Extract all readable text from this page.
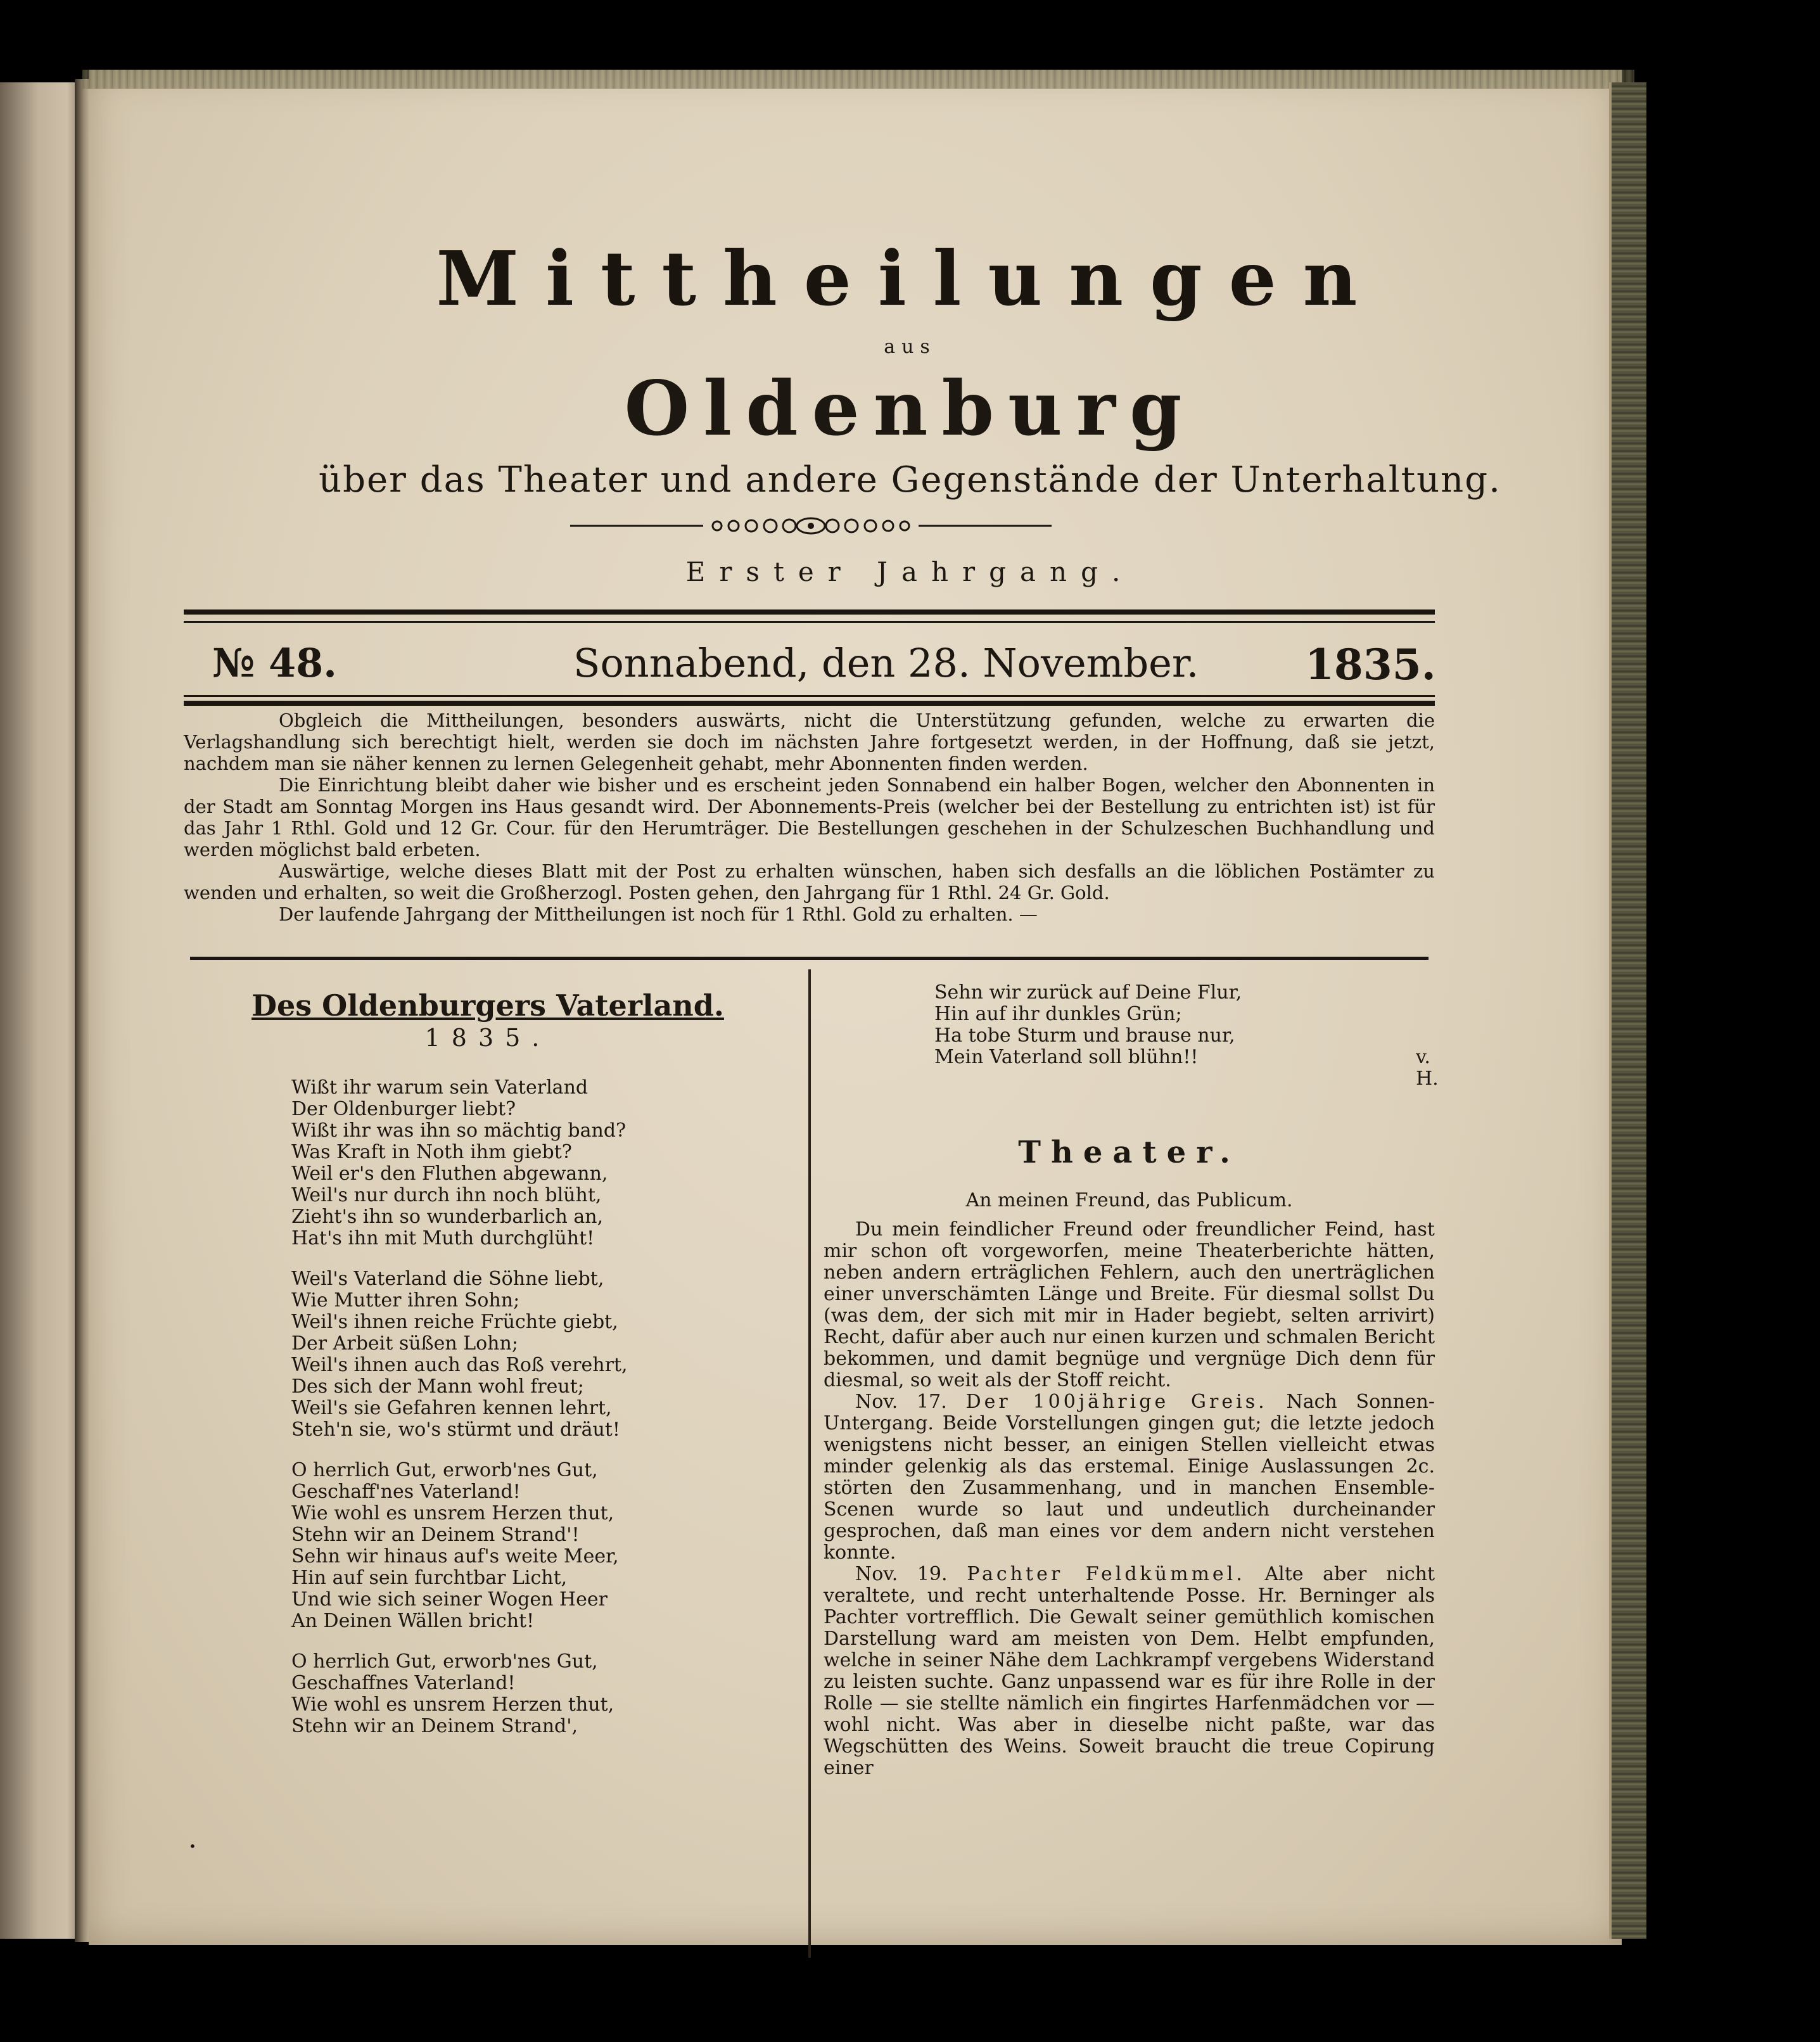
Mittheilungen
aus
Oldenburg
über das Theater und andere Gegenstände der Unterhaltung.
Erster Jahrgang.
№ 48.	Sonnabend, den 28. November.	1835.

Obgleich die Mittheilungen, besonders auswärts, nicht die Unterstützung gefunden, welche zu erwarten die Verlagshandlung sich berechtigt hielt, werden sie doch im nächsten Jahre fortgesetzt werden, in der Hoffnung, daß sie jetzt, nachdem man sie näher kennen zu lernen Gelegenheit gehabt, mehr Abonnenten finden werden.

Die Einrichtung bleibt daher wie bisher und es erscheint jeden Sonnabend ein halber Bogen, welcher den Abonnenten in der Stadt am Sonntag Morgen ins Haus gesandt wird. Der Abonnements-Preis (welcher bei der Bestellung zu entrichten ist) ist für das Jahr 1 Rthl. Gold und 12 Gr. Cour. für den Herumträger. Die Bestellungen geschehen in der Schulzeschen Buchhandlung und werden möglichst bald erbeten.

Auswärtige, welche dieses Blatt mit der Post zu erhalten wünschen, haben sich desfalls an die löblichen Postämter zu wenden und erhalten, so weit die Großherzogl. Posten gehen, den Jahrgang für 1 Rthl. 24 Gr. Gold.

Der laufende Jahrgang der Mittheilungen ist noch für 1 Rthl. Gold zu erhalten. —

Des Oldenburgers Vaterland.
1835.
Wißt ihr warum sein Vaterland
Der Oldenburger liebt?
Wißt ihr was ihn so mächtig band?
Was Kraft in Noth ihm giebt?
Weil er's den Fluthen abgewann,
Weil's nur durch ihn noch blüht,
Zieht's ihn so wunderbarlich an,
Hat's ihn mit Muth durchglüht!
Weil's Vaterland die Söhne liebt,
Wie Mutter ihren Sohn;
Weil's ihnen reiche Früchte giebt,
Der Arbeit süßen Lohn;
Weil's ihnen auch das Roß verehrt,
Des sich der Mann wohl freut;
Weil's sie Gefahren kennen lehrt,
Steh'n sie, wo's stürmt und dräut!
O herrlich Gut, erworb'nes Gut,
Geschaff'nes Vaterland!
Wie wohl es unsrem Herzen thut,
Stehn wir an Deinem Strand'!
Sehn wir hinaus auf's weite Meer,
Hin auf sein furchtbar Licht,
Und wie sich seiner Wogen Heer
An Deinen Wällen bricht!
O herrlich Gut, erworb'nes Gut,
Geschaffnes Vaterland!
Wie wohl es unsrem Herzen thut,
Stehn wir an Deinem Strand',
Sehn wir zurück auf Deine Flur,
Hin auf ihr dunkles Grün;
Ha tobe Sturm und brause nur,
Mein Vaterland soll blühn!!	v. H.
Theater.
An meinen Freund, das Publicum.

Du mein feindlicher Freund oder freundlicher Feind, hast mir schon oft vorgeworfen, meine Theaterberichte hätten, neben andern erträglichen Fehlern, auch den unerträglichen einer unverschämten Länge und Breite. Für diesmal sollst Du (was dem, der sich mit mir in Hader begiebt, selten arrivirt) Recht, dafür aber auch nur einen kurzen und schmalen Bericht bekommen, und damit begnüge und vergnüge Dich denn für diesmal, so weit als der Stoff reicht.

Nov. 17. Der 100jährige Greis. Nach Sonnen-Untergang. Beide Vorstellungen gingen gut; die letzte jedoch wenigstens nicht besser, an einigen Stellen vielleicht etwas minder gelenkig als das erstemal. Einige Auslassungen 2c. störten den Zusammenhang, und in manchen Ensemble-Scenen wurde so laut und undeutlich durcheinander gesprochen, daß man eines vor dem andern nicht verstehen konnte.

Nov. 19. Pachter Feldkümmel. Alte aber nicht veraltete, und recht unterhaltende Posse. Hr. Berninger als Pachter vortrefflich. Die Gewalt seiner gemüthlich komischen Darstellung ward am meisten von Dem. Helbt empfunden, welche in seiner Nähe dem Lachkrampf vergebens Widerstand zu leisten suchte. Ganz unpassend war es für ihre Rolle in der Rolle — sie stellte nämlich ein fingirtes Harfenmädchen vor — wohl nicht. Was aber in dieselbe nicht paßte, war das Wegschütten des Weins. Soweit braucht die treue Copirung einer

•
